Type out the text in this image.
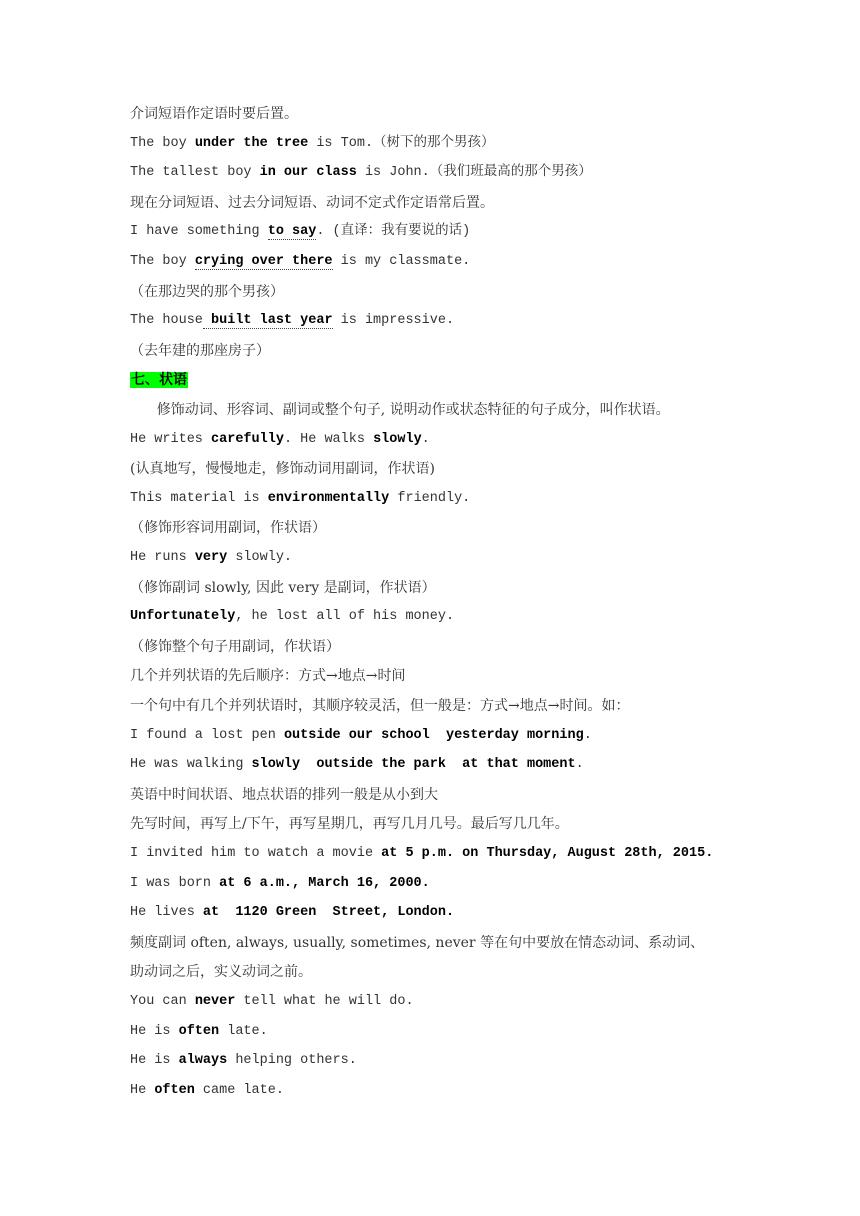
介词短语作定语时要后置。
The boy under the tree is Tom.（树下的那个男孩）
The tallest boy in our class is John.（我们班最高的那个男孩）
现在分词短语、过去分词短语、动词不定式作定语常后置。
I have something to say. (直译：我有要说的话)
The boy crying over there is my classmate.
（在那边哭的那个男孩）
The house built last year is impressive.
（去年建的那座房子）
七、状语
修饰动词、形容词、副词或整个句子, 说明动作或状态特征的句子成分，叫作状语。
He writes carefully. He walks slowly.
(认真地写，慢慢地走，修饰动词用副词，作状语)
This material is environmentally friendly.
（修饰形容词用副词，作状语）
He runs very slowly.
（修饰副词 slowly, 因此 very 是副词，作状语）
Unfortunately, he lost all of his money.
（修饰整个句子用副词，作状语）
几个并列状语的先后顺序：方式→地点→时间
一个句中有几个并列状语时，其顺序较灵活，但一般是：方式→地点→时间。如：
I found a lost pen outside our school yesterday morning.
He was walking slowly outside the park at that moment.
英语中时间状语、地点状语的排列一般是从小到大
先写时间，再写上/下午，再写星期几，再写几月几号。最后写几几年。
I invited him to watch a movie at 5 p.m. on Thursday, August 28th, 2015.
I was born at 6 a.m., March 16, 2000.
He lives at  1120 Green  Street, London.
频度副词 often, always, usually, sometimes, never 等在句中要放在情态动词、系动词、
助动词之后，实义动词之前。
You can never tell what he will do.
He is often late.
He is always helping others.
He often came late.
